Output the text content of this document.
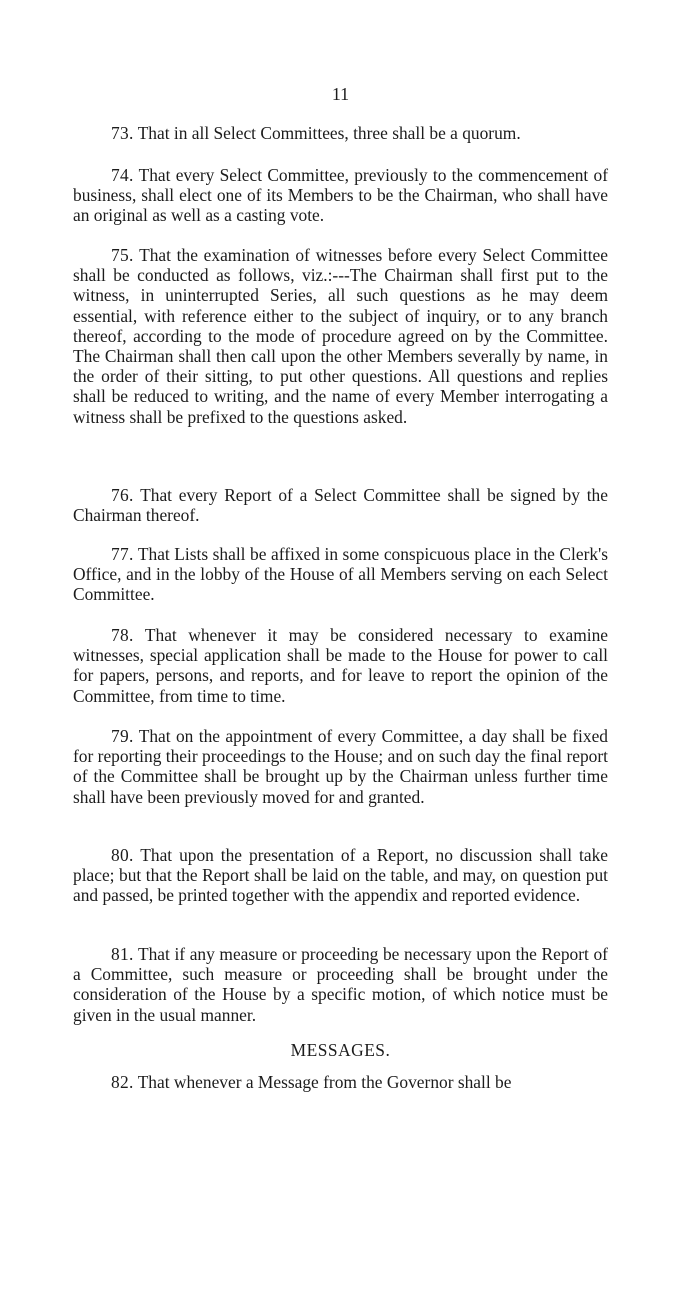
11

73. That in all Select Committees, three shall be a quorum.

74. That every Select Committee, previously to the commencement of business, shall elect one of its Members to be the Chairman, who shall have an original as well as a casting vote.

75. That the examination of witnesses before every Select Committee shall be conducted as follows, viz.:---The Chairman shall first put to the witness, in uninterrupted Series, all such questions as he may deem essential, with reference either to the subject of inquiry, or to any branch thereof, according to the mode of procedure agreed on by the Committee. The Chairman shall then call upon the other Members severally by name, in the order of their sitting, to put other questions. All questions and replies shall be reduced to writing, and the name of every Member interrogating a witness shall be prefixed to the questions asked.

76. That every Report of a Select Committee shall be signed by the Chairman thereof.

77. That Lists shall be affixed in some conspicuous place in the Clerk's Office, and in the lobby of the House of all Members serving on each Select Committee.

78. That whenever it may be considered necessary to examine witnesses, special application shall be made to the House for power to call for papers, persons, and reports, and for leave to report the opinion of the Committee, from time to time.

79. That on the appointment of every Committee, a day shall be fixed for reporting their proceedings to the House; and on such day the final report of the Committee shall be brought up by the Chairman unless further time shall have been previously moved for and granted.

80. That upon the presentation of a Report, no discussion shall take place; but that the Report shall be laid on the table, and may, on question put and passed, be printed together with the appendix and reported evidence.

81. That if any measure or proceeding be necessary upon the Report of a Committee, such measure or proceeding shall be brought under the consideration of the House by a specific motion, of which notice must be given in the usual manner.

MESSAGES.

82. That whenever a Message from the Governor shall be
